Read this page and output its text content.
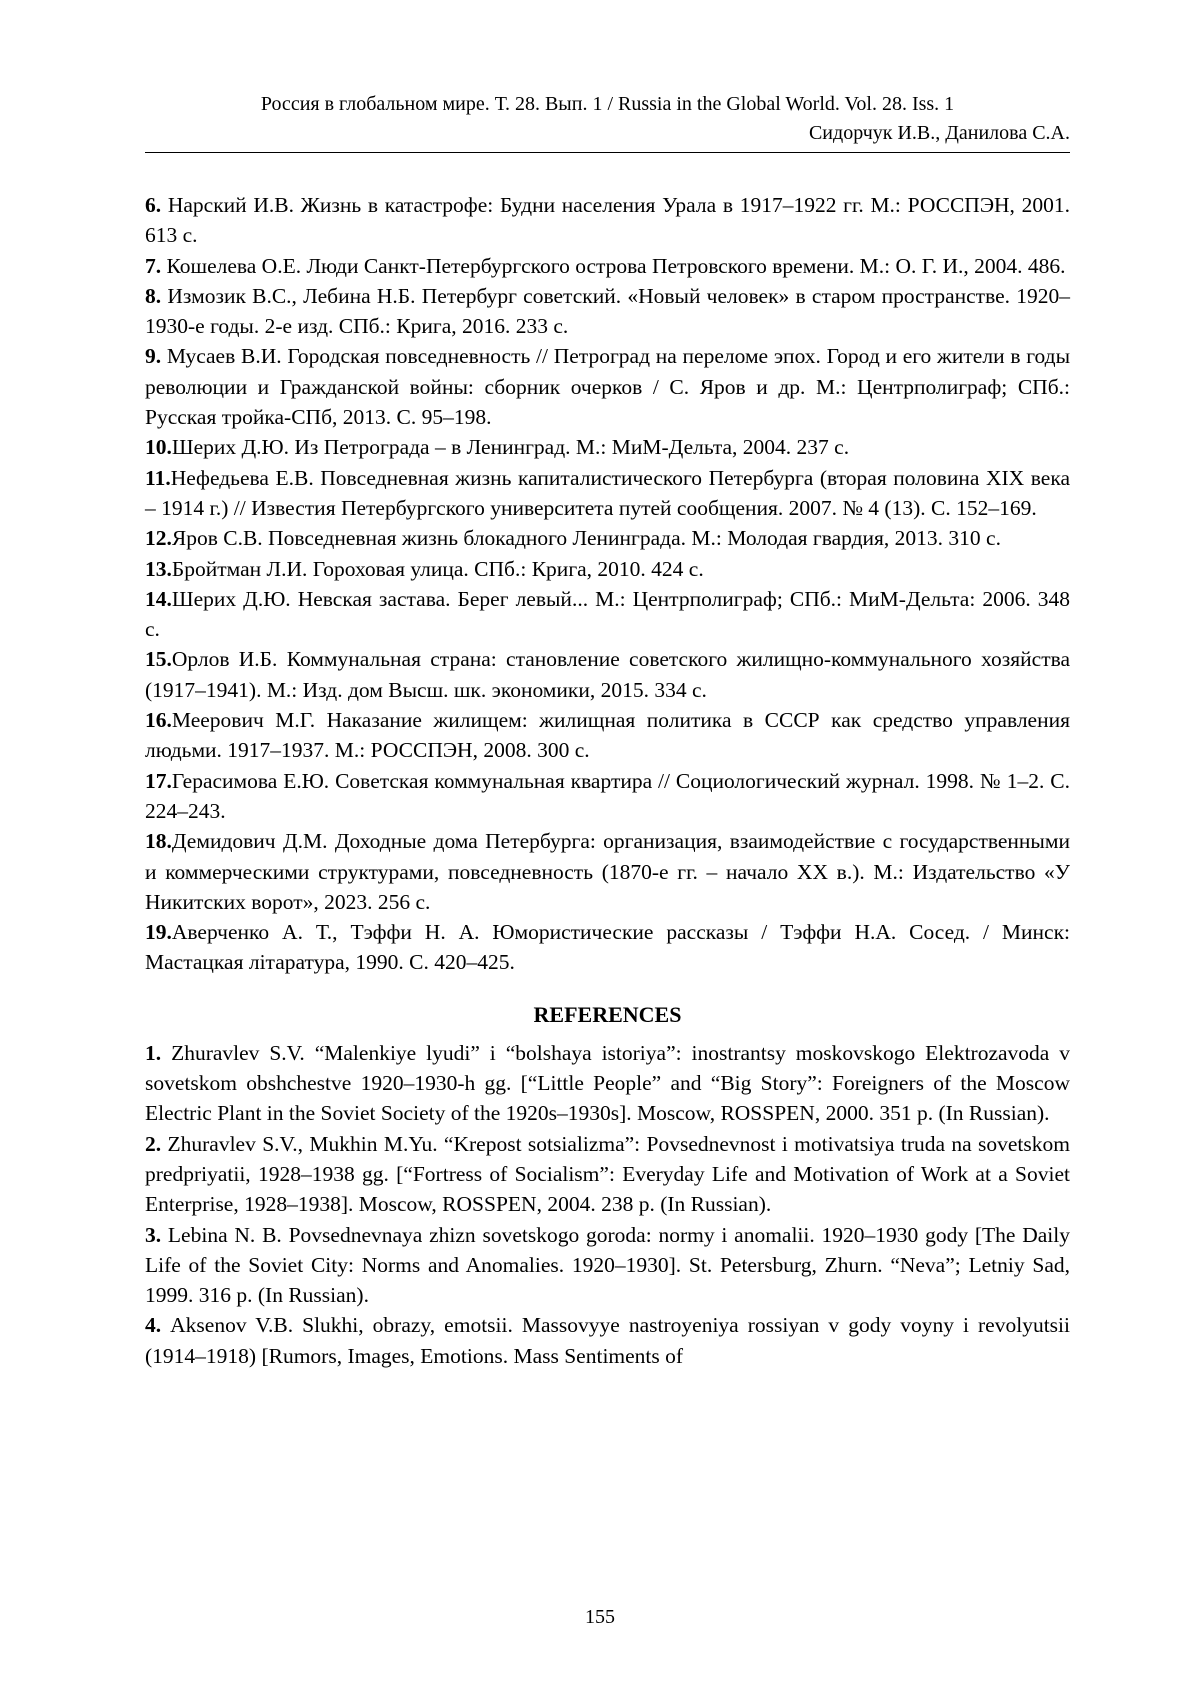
Россия в глобальном мире. Т. 28. Вып. 1 / Russia in the Global World. Vol. 28. Iss. 1
Сидорчук И.В., Данилова С.А.

6. Нарский И.В. Жизнь в катастрофе: Будни населения Урала в 1917–1922 гг. М.: РОССПЭН, 2001. 613 с.

7. Кошелева О.Е. Люди Санкт-Петербургского острова Петровского времени. М.: О. Г. И., 2004. 486.

8. Измозик В.С., Лебина Н.Б. Петербург советский. «Новый человек» в старом пространстве. 1920–1930-е годы. 2-е изд. СПб.: Крига, 2016. 233 с.

9. Мусаев В.И. Городская повседневность // Петроград на переломе эпох. Город и его жители в годы революции и Гражданской войны: сборник очерков / С. Яров и др. М.: Центрполиграф; СПб.: Русская тройка-СПб, 2013. С. 95–198.

10.Шерих Д.Ю. Из Петрограда – в Ленинград. М.: МиМ-Дельта, 2004. 237 с.

11.Нефедьева Е.В. Повседневная жизнь капиталистического Петербурга (вторая половина XIX века – 1914 г.) // Известия Петербургского университета путей сообщения. 2007. № 4 (13). С. 152–169.

12.Яров С.В. Повседневная жизнь блокадного Ленинграда. М.: Молодая гвардия, 2013. 310 с.

13.Бройтман Л.И. Гороховая улица. СПб.: Крига, 2010. 424 с.

14.Шерих Д.Ю. Невская застава. Берег левый... М.: Центрполиграф; СПб.: МиМ-Дельта: 2006. 348 с.

15.Орлов И.Б. Коммунальная страна: становление советского жилищно-коммунального хозяйства (1917–1941). М.: Изд. дом Высш. шк. экономики, 2015. 334 с.

16.Меерович М.Г. Наказание жилищем: жилищная политика в СССР как средство управления людьми. 1917–1937. М.: РОССПЭН, 2008. 300 с.

17.Герасимова Е.Ю. Советская коммунальная квартира // Социологический журнал. 1998. № 1–2. С. 224–243.

18.Демидович Д.М. Доходные дома Петербурга: организация, взаимодействие с государственными и коммерческими структурами, повседневность (1870-е гг. – начало XX в.). М.: Издательство «У Никитских ворот», 2023. 256 с.

19.Аверченко А. Т., Тэффи Н. А. Юмористические рассказы / Тэффи Н.А. Сосед. / Минск: Мастацкая літаратура, 1990. С. 420–425.

REFERENCES

1. Zhuravlev S.V. “Malenkiye lyudi” i “bolshaya istoriya”: inostrantsy moskovskogo Elektrozavoda v sovetskom obshchestve 1920–1930-h gg. [“Little People” and “Big Story”: Foreigners of the Moscow Electric Plant in the Soviet Society of the 1920s–1930s]. Moscow, ROSSPEN, 2000. 351 p. (In Russian).

2. Zhuravlev S.V., Mukhin M.Yu. “Krepost sotsializma”: Povsednevnost i motivatsiya truda na sovetskom predpriyatii, 1928–1938 gg. [“Fortress of Socialism”: Everyday Life and Motivation of Work at a Soviet Enterprise, 1928–1938]. Moscow, ROSSPEN, 2004. 238 p. (In Russian).

3. Lebina N. B. Povsednevnaya zhizn sovetskogo goroda: normy i anomalii. 1920–1930 gody [The Daily Life of the Soviet City: Norms and Anomalies. 1920–1930]. St. Petersburg, Zhurn. “Neva”; Letniy Sad, 1999. 316 p. (In Russian).

4. Aksenov V.B. Slukhi, obrazy, emotsii. Massovyye nastroyeniya rossiyan v gody voyny i revolyutsii (1914–1918) [Rumors, Images, Emotions. Mass Sentiments of

155
